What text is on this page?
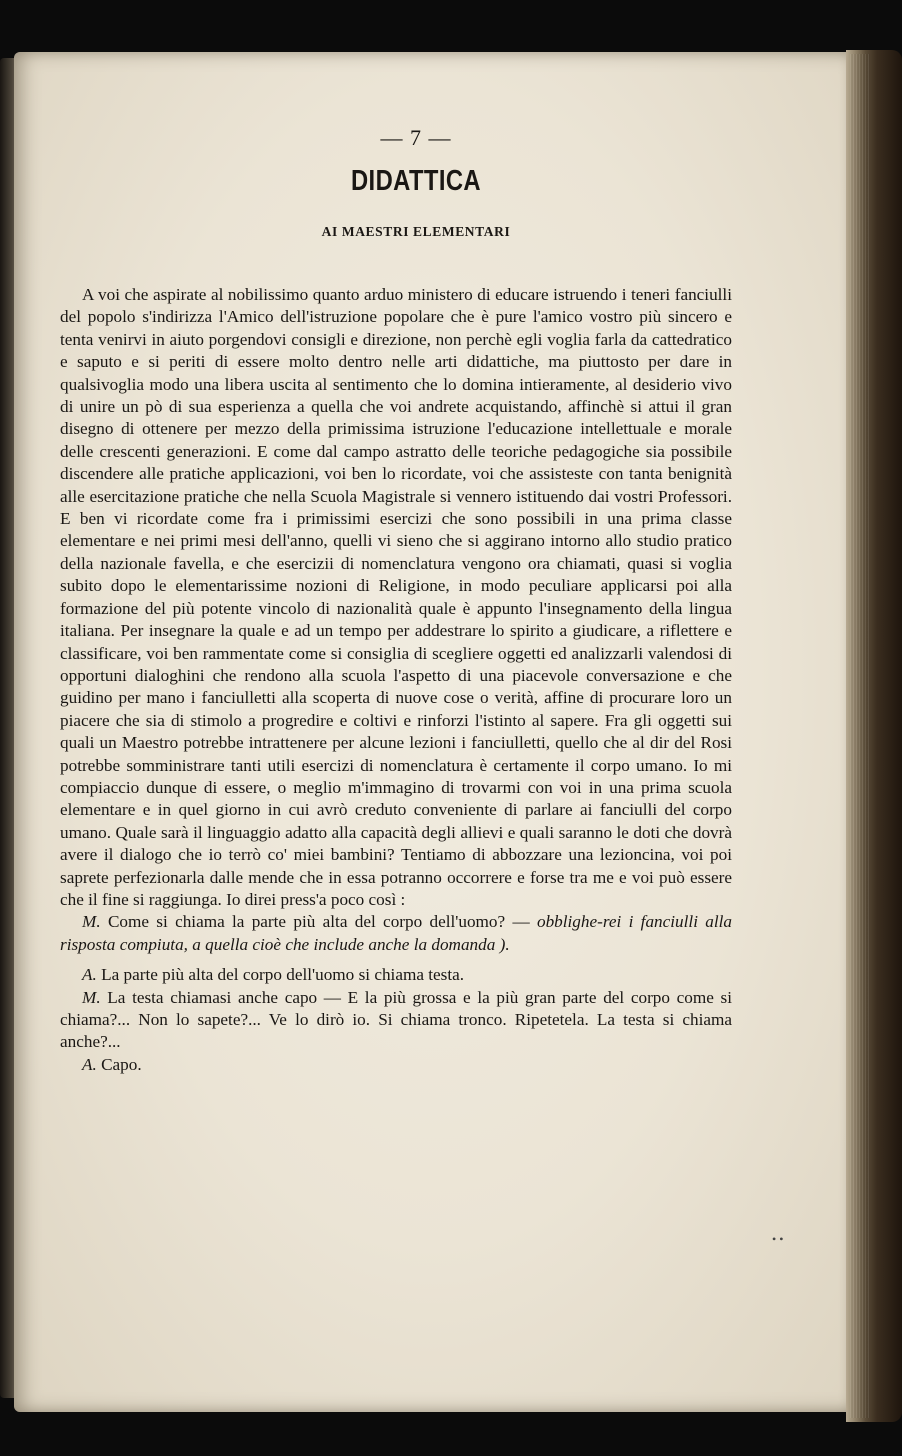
— 7 —
DIDATTICA
AI MAESTRI ELEMENTARI

A voi che aspirate al nobilissimo quanto arduo ministero di educare istruendo i teneri fanciulli del popolo s'indirizza l'Amico dell'istruzione popolare che è pure l'amico vostro più sincero e tenta venirvi in aiuto porgendovi consigli e direzione, non perchè egli voglia farla da cattedratico e saputo e si periti di essere molto dentro nelle arti didattiche, ma piuttosto per dare in qualsivoglia modo una libera uscita al sentimento che lo domina intieramente, al desiderio vivo di unire un pò di sua esperienza a quella che voi andrete acquistando, affinchè si attui il gran disegno di ottenere per mezzo della primissima istruzione l'educazione intellettuale e morale delle crescenti generazioni. E come dal campo astratto delle teoriche pedagogiche sia possibile discendere alle pratiche applicazioni, voi ben lo ricordate, voi che assisteste con tanta benignità alle esercitazione pratiche che nella Scuola Magistrale si vennero istituendo dai vostri Professori. E ben vi ricordate come fra i primissimi esercizi che sono possibili in una prima classe elementare e nei primi mesi dell'anno, quelli vi sieno che si aggirano intorno allo studio pratico della nazionale favella, e che esercizii di nomenclatura vengono ora chiamati, quasi si voglia subito dopo le elementarissime nozioni di Religione, in modo peculiare applicarsi poi alla formazione del più potente vincolo di nazionalità quale è appunto l'insegnamento della lingua italiana. Per insegnare la quale e ad un tempo per addestrare lo spirito a giudicare, a riflettere e classificare, voi ben rammentate come si consiglia di scegliere oggetti ed analizzarli valendosi di opportuni dialoghini che rendono alla scuola l'aspetto di una piacevole conversazione e che guidino per mano i fanciulletti alla scoperta di nuove cose o verità, affine di procurare loro un piacere che sia di stimolo a progredire e coltivi e rinforzi l'istinto al sapere. Fra gli oggetti sui quali un Maestro potrebbe intrattenere per alcune lezioni i fanciulletti, quello che al dir del Rosi potrebbe somministrare tanti utili esercizi di nomenclatura è certamente il corpo umano. Io mi compiaccio dunque di essere, o meglio m'immagino di trovarmi con voi in una prima scuola elementare e in quel giorno in cui avrò creduto conveniente di parlare ai fanciulli del corpo umano. Quale sarà il linguaggio adatto alla capacità degli allievi e quali saranno le doti che dovrà avere il dialogo che io terrò co' miei bambini? Tentiamo di abbozzare una lezioncina, voi poi saprete perfezionarla dalle mende che in essa potranno occorrere e forse tra me e voi può essere che il fine si raggiunga. Io direi press'a poco così :

M. Come si chiama la parte più alta del corpo dell'uomo? — obblighe-rei i fanciulli alla risposta compiuta, a quella cioè che include anche la domanda ).

A. La parte più alta del corpo dell'uomo si chiama testa.

M. La testa chiamasi anche capo — E la più grossa e la più gran parte del corpo come si chiama?... Non lo sapete?... Ve lo dirò io. Si chiama tronco. Ripetetela. La testa si chiama anche?...

A. Capo.

• •
